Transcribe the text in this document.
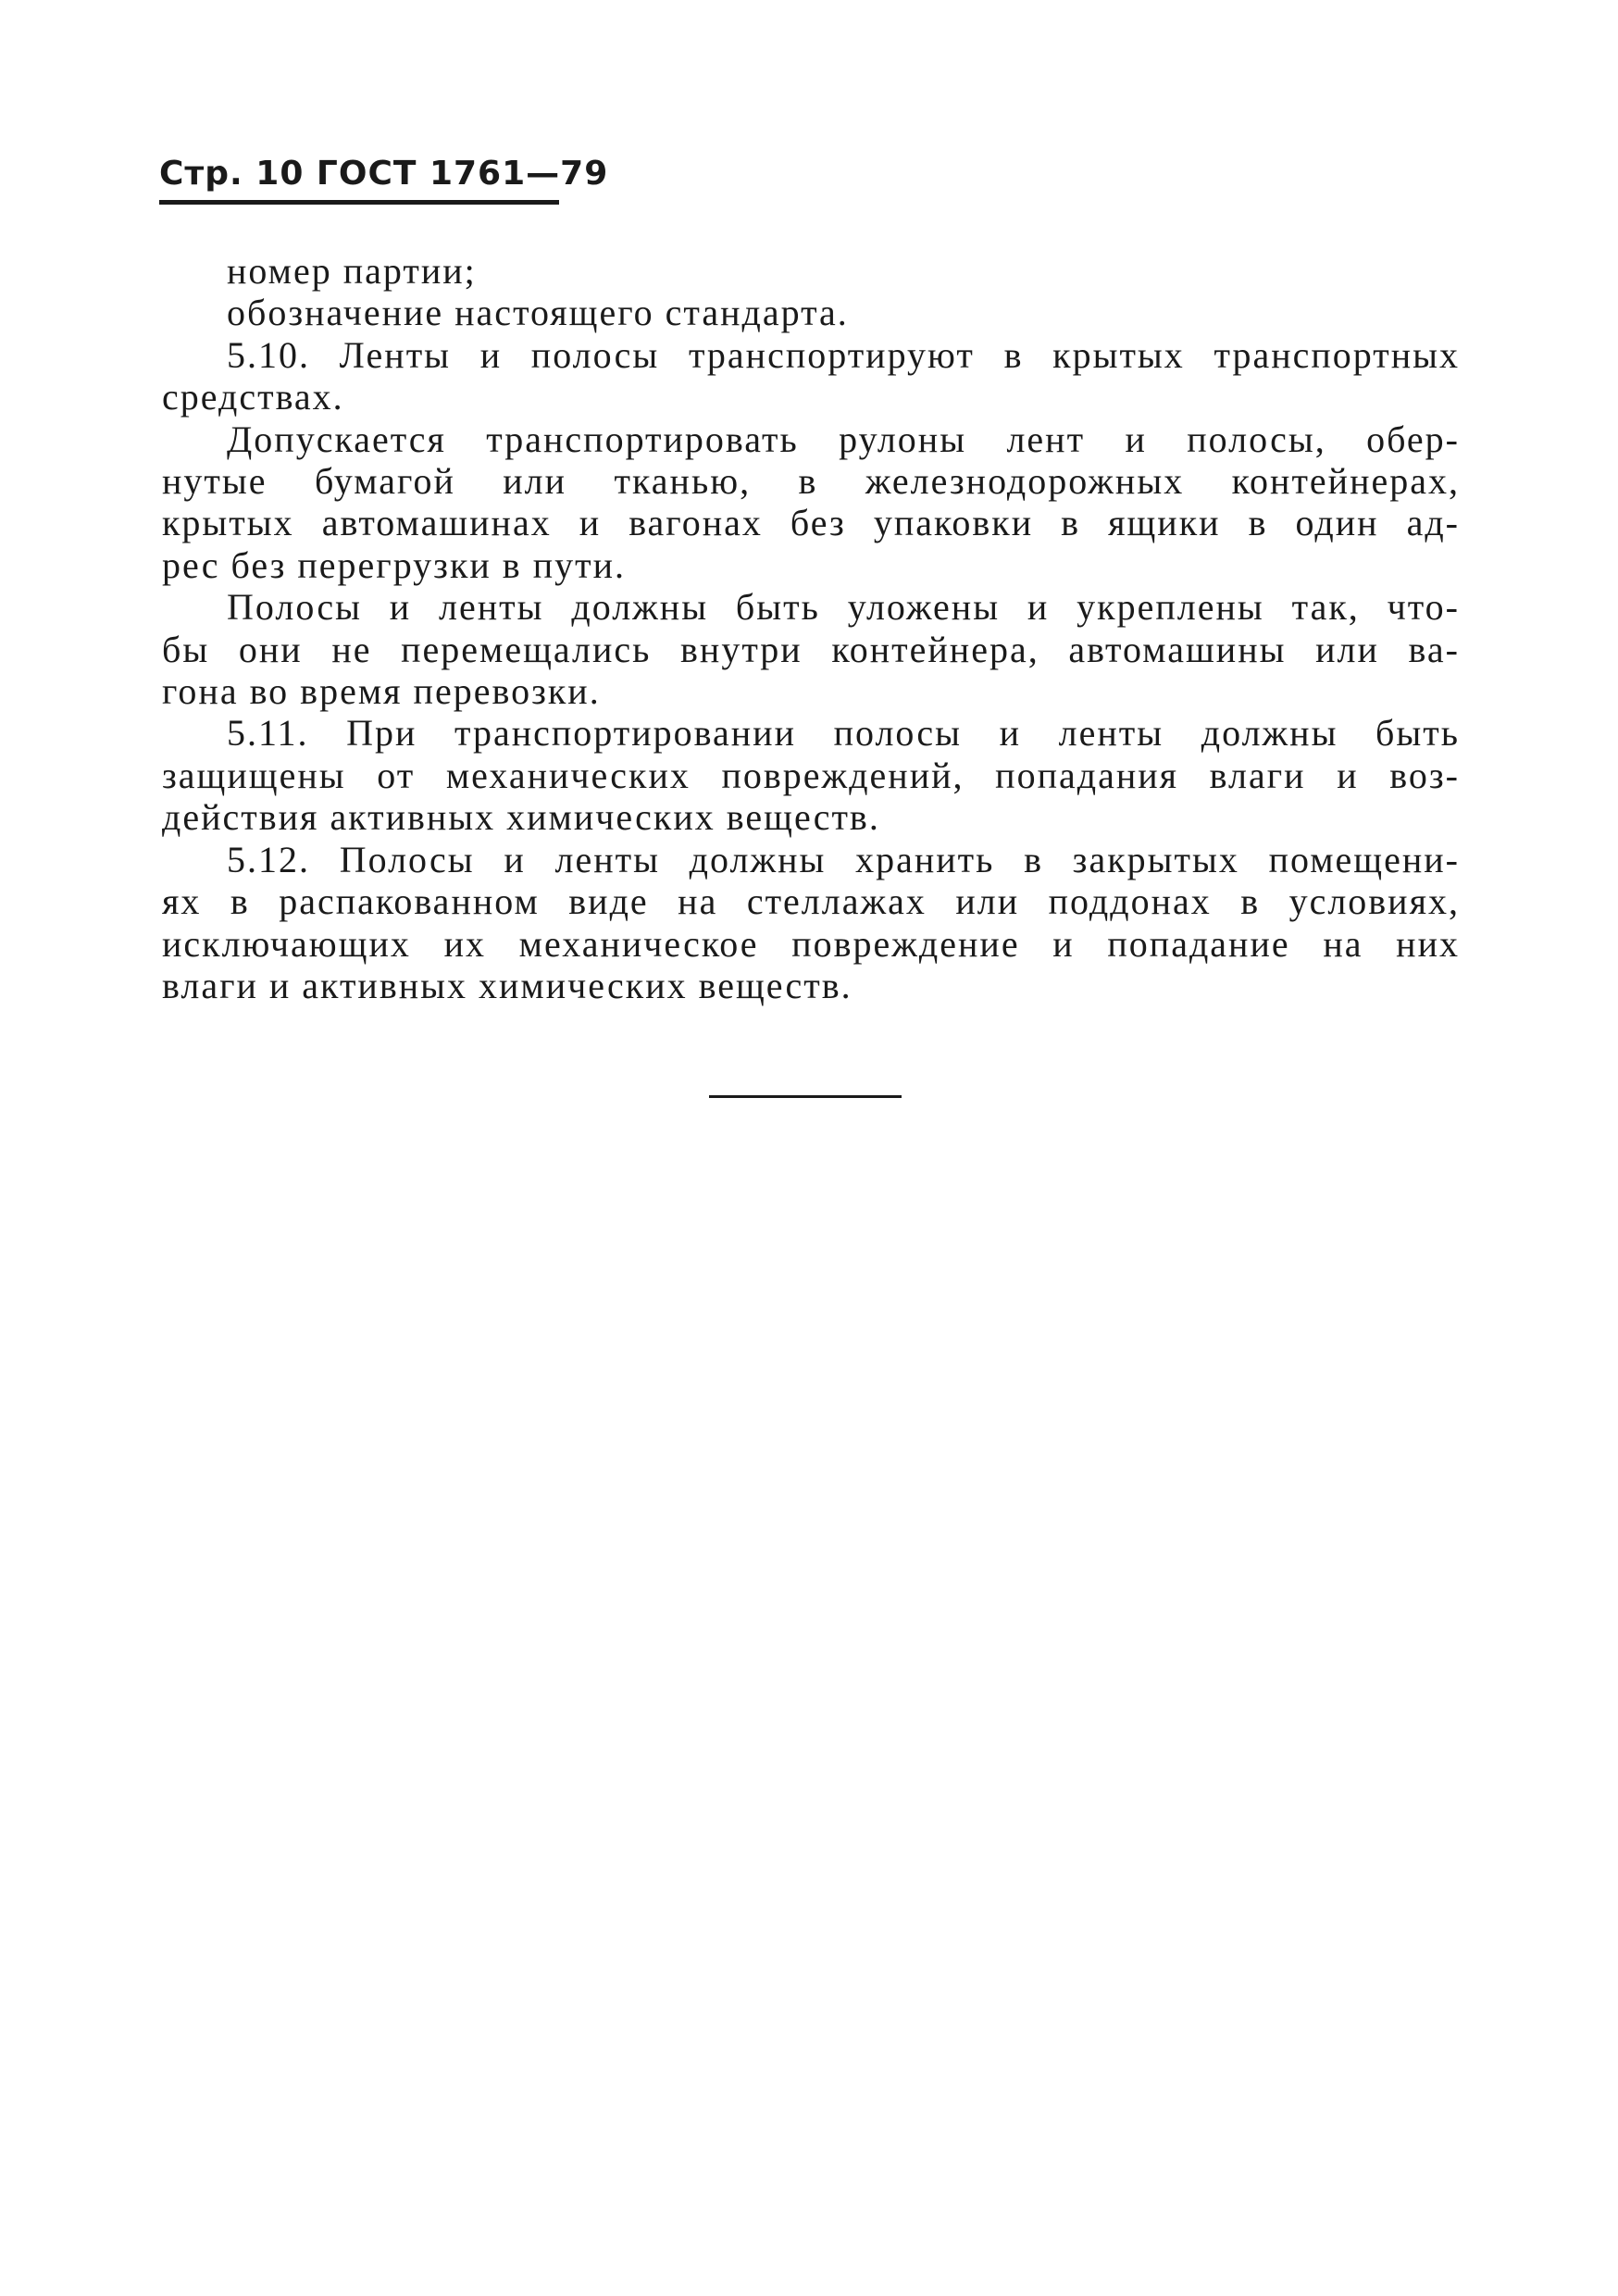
Стр. 10 ГОСТ 1761—79
номер партии;
обозначение настоящего стандарта.
5.10. Ленты и полосы транспортируют в крытых транспортных
средствах.
Допускается транспортировать рулоны лент и полосы, обер-
нутые бумагой или тканью, в железнодорожных контейнерах,
крытых автомашинах и вагонах без упаковки в ящики в один ад-
рес без перегрузки в пути.
Полосы и ленты должны быть уложены и укреплены так, что-
бы они не перемещались внутри контейнера, автомашины или ва-
гона во время перевозки.
5.11. При транспортировании полосы и ленты должны быть
защищены от механических повреждений, попадания влаги и воз-
действия активных химических веществ.
5.12. Полосы и ленты должны хранить в закрытых помещени-
ях в распакованном виде на стеллажах или поддонах в условиях,
исключающих их механическое повреждение и попадание на них
влаги и активных химических веществ.
